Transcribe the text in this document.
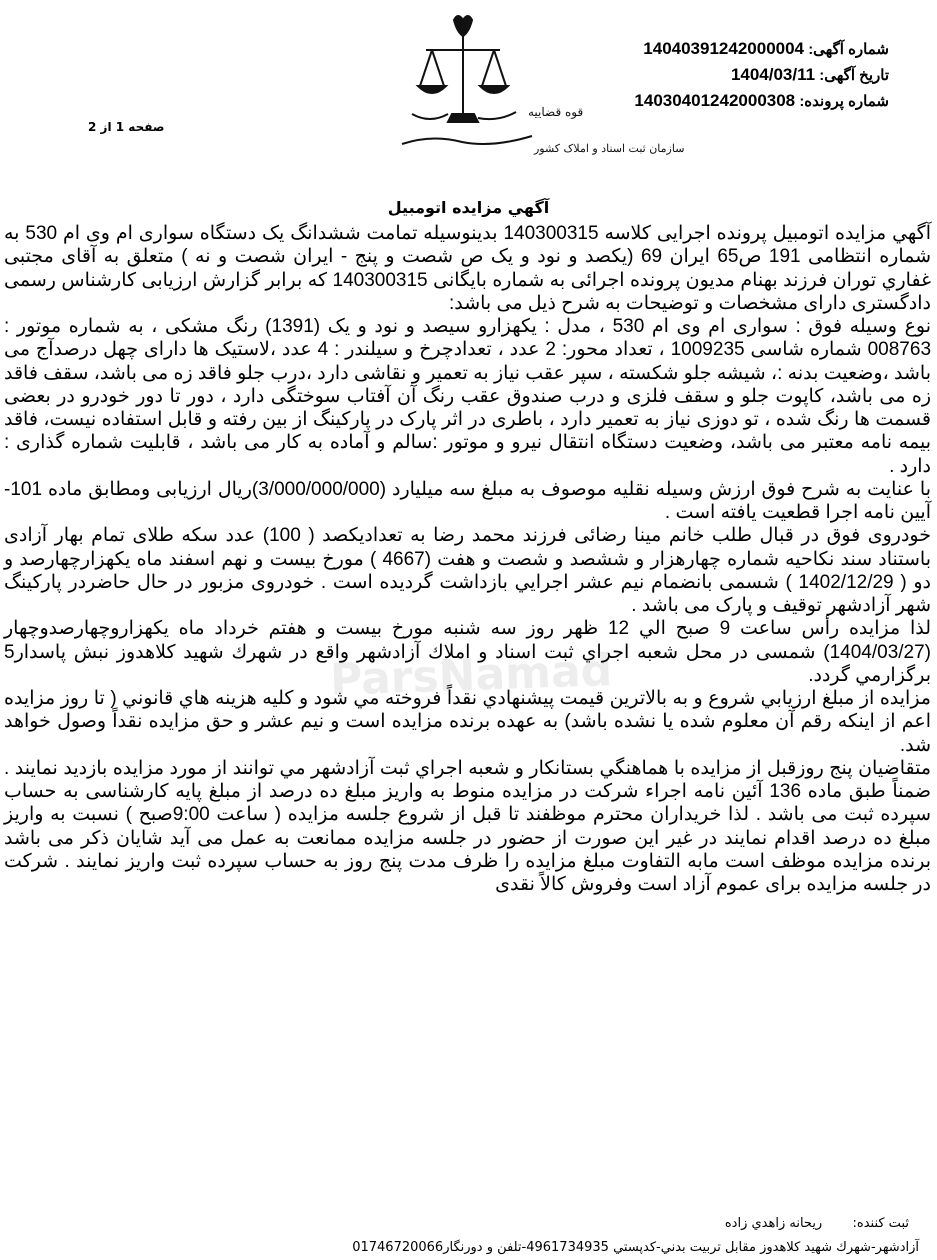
شماره آگهی: 14040391242000004
تاریخ آگهی: 1404/03/11
شماره پرونده: 14030401242000308
قوه قضاییه
سازمان ثبت اسناد و املاک کشور
صفحه 1 از 2
آگهي مزايده اتومبيل
ParsNamad

آگهي مزايده اتومبيل پرونده اجرایی کلاسه 140300315 بدينوسيله تمامت ششدانگ یک دستگاه سواری ام وی ام 530 به شماره انتظامی 191 ص65 ایران 69 (یکصد و نود و یک ص شصت و پنج - ایران شصت و نه ) متعلق به آقای مجتبی غفاري توران فرزند بهنام مدیون پرونده اجرائی به شماره بایگانی 140300315 که برابر گزارش ارزیابی کارشناس رسمی دادگستری دارای مشخصات و توضیحات به شرح ذیل می باشد:

نوع وسیله فوق : سواری ام وی ام 530 ، مدل : یکهزارو سیصد و نود و یک (1391) رنگ مشکی ، به شماره موتور : 008763 شماره شاسی 1009235 ، تعداد محور: 2 عدد ، تعدادچرخ و سیلندر : 4 عدد ،لاستیک ها دارای چهل درصدآج می باشد ،وضعیت بدنه :، شیشه جلو شکسته ، سپر عقب نیاز به تعمیر و نقاشی دارد ،درب جلو فاقد زه می باشد، سقف فاقد زه می باشد، کاپوت جلو و سقف فلزی و درب صندوق عقب رنگ آن آفتاب سوختگی دارد ، دور تا دور خودرو در بعضی قسمت ها رنگ شده ، تو دوزی نیاز به تعمیر دارد ، باطری در اثر پارک در پارکینگ از بین رفته و قابل استفاده نیست، فاقد بیمه نامه معتبر می باشد، وضعیت دستگاه انتقال نیرو و موتور :سالم و آماده به کار می باشد ، قابلیت شماره گذاری : دارد .

با عنایت به شرح فوق ارزش وسیله نقلیه موصوف به مبلغ سه میلیارد (3/000/000/000)ریال ارزیابی ومطابق ماده 101-آیین نامه اجرا قطعیت یافته است .

خودروی فوق در قبال طلب خانم مینا رضائی فرزند محمد رضا به تعدادیکصد ( 100) عدد سکه طلای تمام بهار آزادی باستناد سند نکاحیه شماره چهارهزار و ششصد و شصت و هفت (4667 ) مورخ بیست و نهم اسفند ماه یکهزارچهارصد و دو ( 1402/12/29 ) شسمی بانضمام نیم عشر اجرايي بازداشت گردیده است . خودروی مزبور در حال حاضردر پارکینگ شهر آزادشهر توقیف و پارک می باشد .

لذا مزايده رأس ساعت 9 صبح الي 12 ظهر روز سه شنبه مورخ بیست و هفتم خرداد ماه یکهزاروچهارصدوچهار (1404/03/27) شمسی در محل شعبه اجراي ثبت اسناد و املاك آزادشهر واقع در شهرك شهيد كلاهدوز نبش پاسدار5 برگزارمي گردد.

مزايده از مبلغ ارزيابي شروع و به بالاترين قيمت پيشنهادي نقداً فروخته مي شود و كليه هزينه هاي قانوني ( تا روز مزايده اعم از اينكه رقم آن معلوم شده يا نشده باشد) به عهده برنده مزايده است و نيم عشر و حق مزايده نقداً وصول خواهد شد.

متقاضيان پنج روزقبل از مزايده با هماهنگي بستانكار و شعبه اجراي ثبت آزادشهر مي توانند از مورد مزايده بازديد نمايند . ضمناً طبق ماده 136 آئین نامه اجراء شرکت در مزایده منوط به واریز مبلغ ده درصد از مبلغ پایه کارشناسی به حساب سپرده ثبت می باشد . لذا خریداران محترم موظفند تا قبل از شروع جلسه مزایده ( ساعت 9:00صبح ) نسبت به واریز مبلغ ده درصد اقدام نمایند در غیر این صورت از حضور در جلسه مزایده ممانعت به عمل می آید شایان ذکر می باشد برنده مزایده موظف است مابه التفاوت مبلغ مزایده را ظرف مدت پنج روز به حساب سپرده ثبت واریز نمایند . شرکت در جلسه مزایده برای عموم آزاد است وفروش کالاً نقدی

ثبت کننده:  ریحانه زاهدي زاده
آزادشهر-شهرك شهيد كلاهدوز مقابل تربيت بدني-كدپستي 4961734935-تلفن و دورنگار01746720066
